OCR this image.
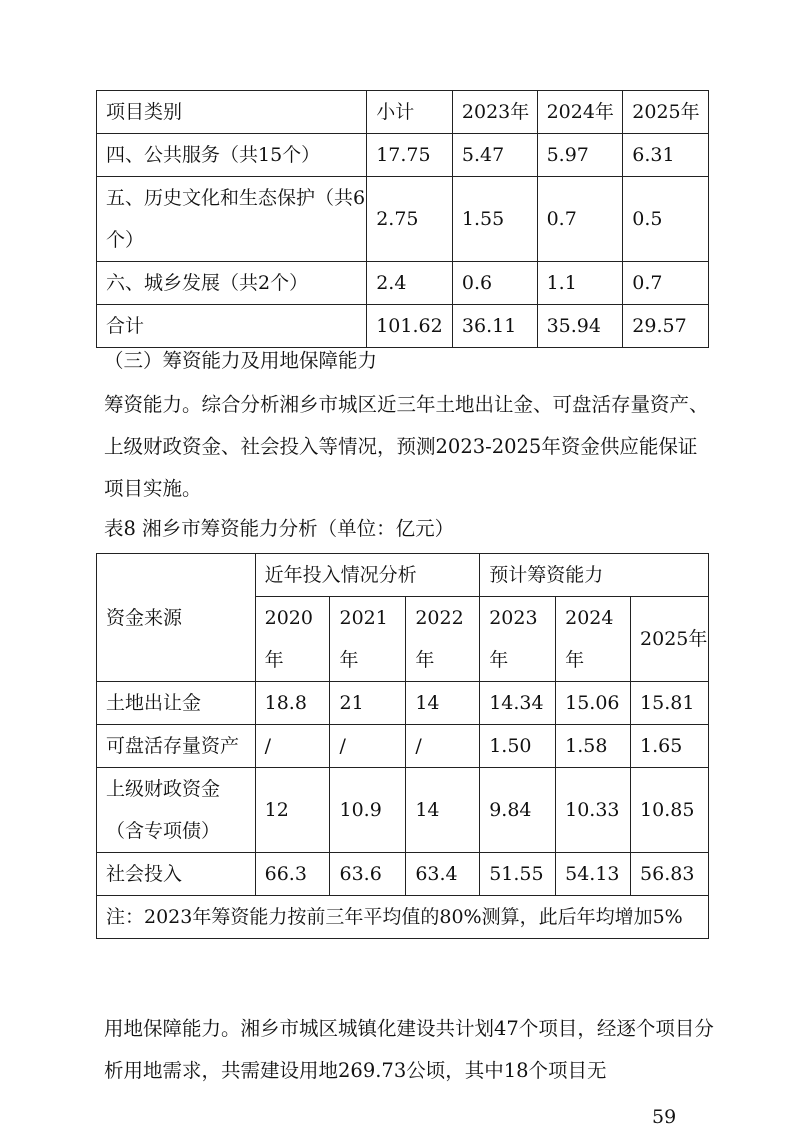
项目类别	小计	2023年	2024年	2025年
四、公共服务（共15个）	17.75	5.47	5.97	6.31
五、历史文化和生态保护（共6个）	2.75	1.55	0.7	0.5
六、城乡发展（共2个）	2.4	0.6	1.1	0.7
合计	101.62	36.11	35.94	29.57

（三）筹资能力及用地保障能力

筹资能力。综合分析湘乡市城区近三年土地出让金、可盘活存量资产、上级财政资金、社会投入等情况，预测2023-2025年资金供应能保证项目实施。

表8 湘乡市筹资能力分析（单位：亿元）

资金来源	近年投入情况分析			预计筹资能力		
	2020年	2021年	2022年	2023年	2024年	2025年
土地出让金	18.8	21	14	14.34	15.06	15.81
可盘活存量资产	/	/	/	1.50	1.58	1.65
上级财政资金（含专项债）	12	10.9	14	9.84	10.33	10.85
社会投入	66.3	63.6	63.4	51.55	54.13	56.83
注：2023年筹资能力按前三年平均值的80%测算，此后年均增加5%						

用地保障能力。湘乡市城区城镇化建设共计划47个项目，经逐个项目分析用地需求，共需建设用地269.73公顷，其中18个项目无

59
